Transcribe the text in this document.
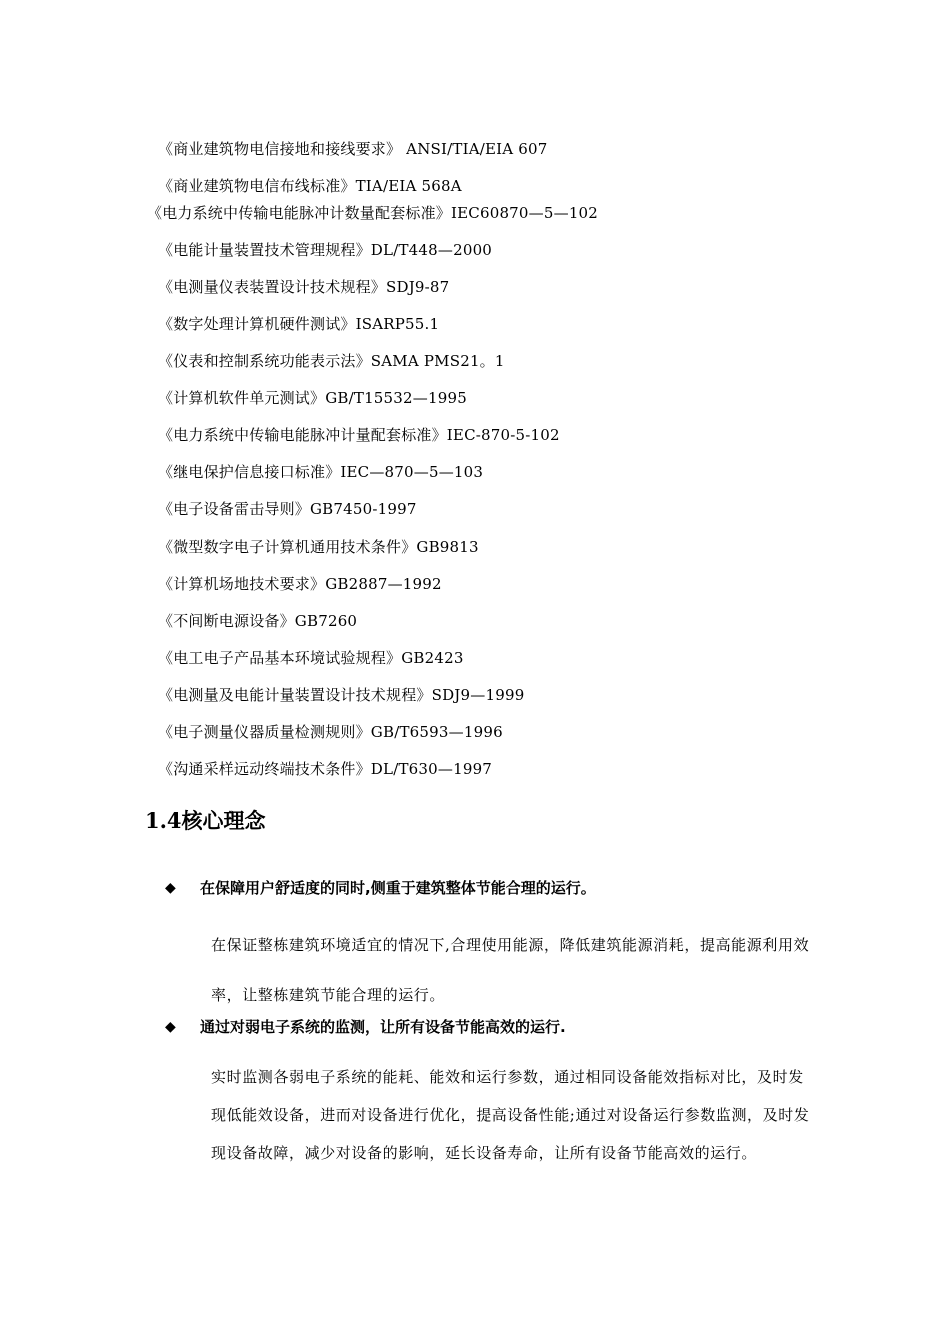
《商业建筑物电信接地和接线要求》 ANSI/TIA/EIA 607
《商业建筑物电信布线标准》TIA/EIA 568A
《电力系统中传输电能脉冲计数量配套标准》IEC60870—5—102
《电能计量装置技术管理规程》DL/T448—2000
《电测量仪表装置设计技术规程》SDJ9-87
《数字处理计算机硬件测试》ISARP55.1
《仪表和控制系统功能表示法》SAMA PMS21。1
《计算机软件单元测试》GB/T15532—1995
《电力系统中传输电能脉冲计量配套标准》IEC-870-5-102
《继电保护信息接口标准》IEC—870—5—103
《电子设备雷击导则》GB7450-1997
《微型数字电子计算机通用技术条件》GB9813
《计算机场地技术要求》GB2887—1992
《不间断电源设备》GB7260
《电工电子产品基本环境试验规程》GB2423
《电测量及电能计量装置设计技术规程》SDJ9—1999
《电子测量仪器质量检测规则》GB/T6593—1996
《沟通采样远动终端技术条件》DL/T630—1997
1.4核心理念
◆	在保障用户舒适度的同时,侧重于建筑整体节能合理的运行。

在保证整栋建筑环境适宜的情况下,合理使用能源，降低建筑能源消耗，提高能源利用效率，让整栋建筑节能合理的运行。

◆	通过对弱电子系统的监测，让所有设备节能高效的运行.

实时监测各弱电子系统的能耗、能效和运行参数，通过相同设备能效指标对比，及时发现低能效设备，进而对设备进行优化，提高设备性能;通过对设备运行参数监测，及时发现设备故障，减少对设备的影响，延长设备寿命，让所有设备节能高效的运行。
